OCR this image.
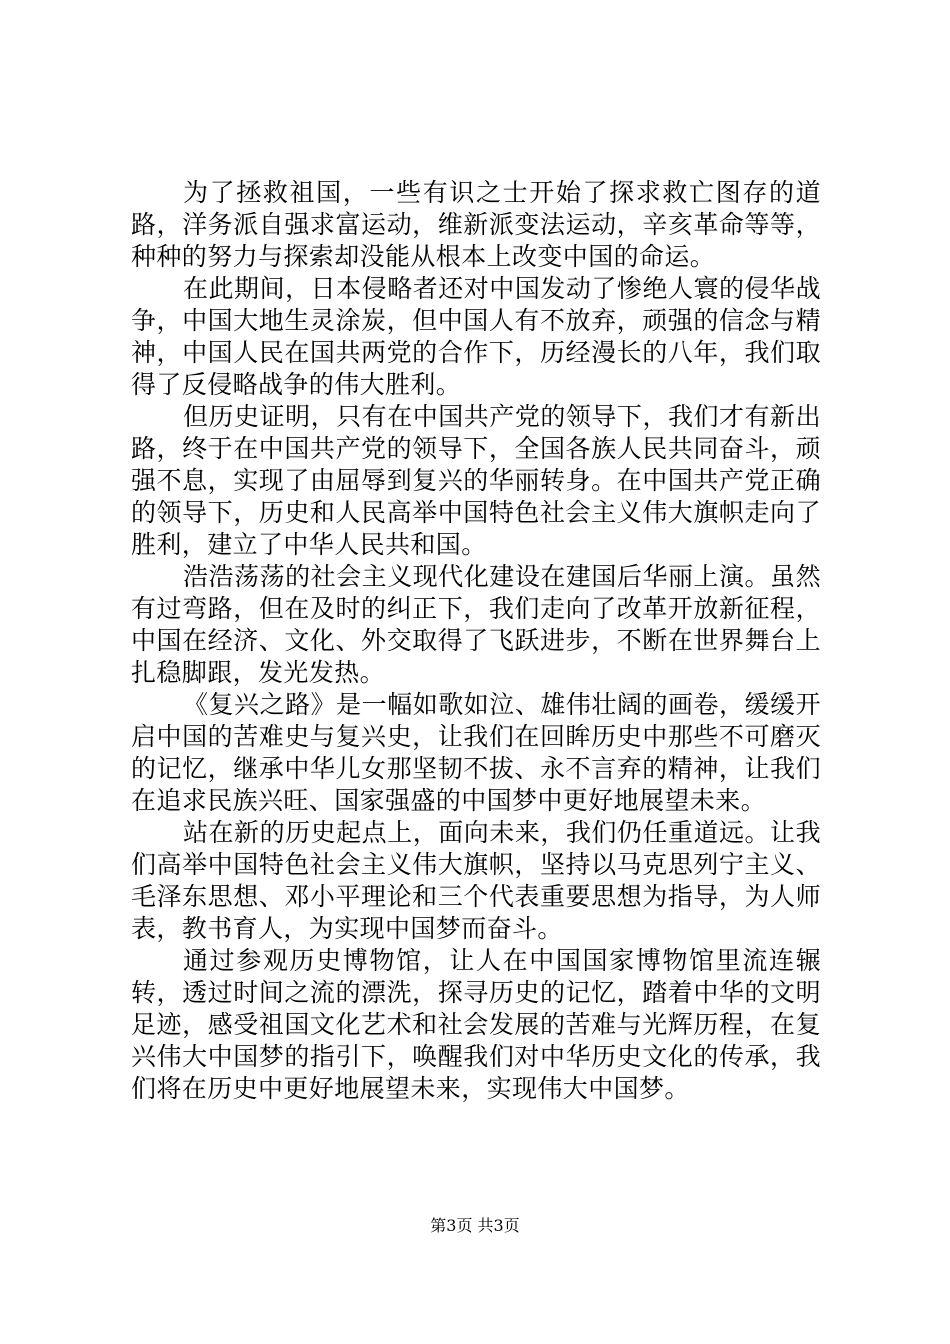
为了拯救祖国，一些有识之士开始了探求救亡图存的道路，洋务派自强求富运动，维新派变法运动，辛亥革命等等，种种的努力与探索却没能从根本上改变中国的命运。

在此期间，日本侵略者还对中国发动了惨绝人寰的侵华战争，中国大地生灵涂炭，但中国人有不放弃，顽强的信念与精神，中国人民在国共两党的合作下，历经漫长的八年，我们取得了反侵略战争的伟大胜利。

但历史证明，只有在中国共产党的领导下，我们才有新出路，终于在中国共产党的领导下，全国各族人民共同奋斗，顽强不息，实现了由屈辱到复兴的华丽转身。在中国共产党正确的领导下，历史和人民高举中国特色社会主义伟大旗帜走向了胜利，建立了中华人民共和国。

浩浩荡荡的社会主义现代化建设在建国后华丽上演。虽然有过弯路，但在及时的纠正下，我们走向了改革开放新征程，中国在经济、文化、外交取得了飞跃进步，不断在世界舞台上扎稳脚跟，发光发热。

《复兴之路》是一幅如歌如泣、雄伟壮阔的画卷，缓缓开启中国的苦难史与复兴史，让我们在回眸历史中那些不可磨灭的记忆，继承中华儿女那坚韧不拔、永不言弃的精神，让我们在追求民族兴旺、国家强盛的中国梦中更好地展望未来。

站在新的历史起点上，面向未来，我们仍任重道远。让我们高举中国特色社会主义伟大旗帜，坚持以马克思列宁主义、毛泽东思想、邓小平理论和三个代表重要思想为指导，为人师表，教书育人，为实现中国梦而奋斗。

通过参观历史博物馆，让人在中国国家博物馆里流连辗转，透过时间之流的漂洗，探寻历史的记忆，踏着中华的文明足迹，感受祖国文化艺术和社会发展的苦难与光辉历程，在复兴伟大中国梦的指引下，唤醒我们对中华历史文化的传承，我们将在历史中更好地展望未来，实现伟大中国梦。

第3页 共3页
